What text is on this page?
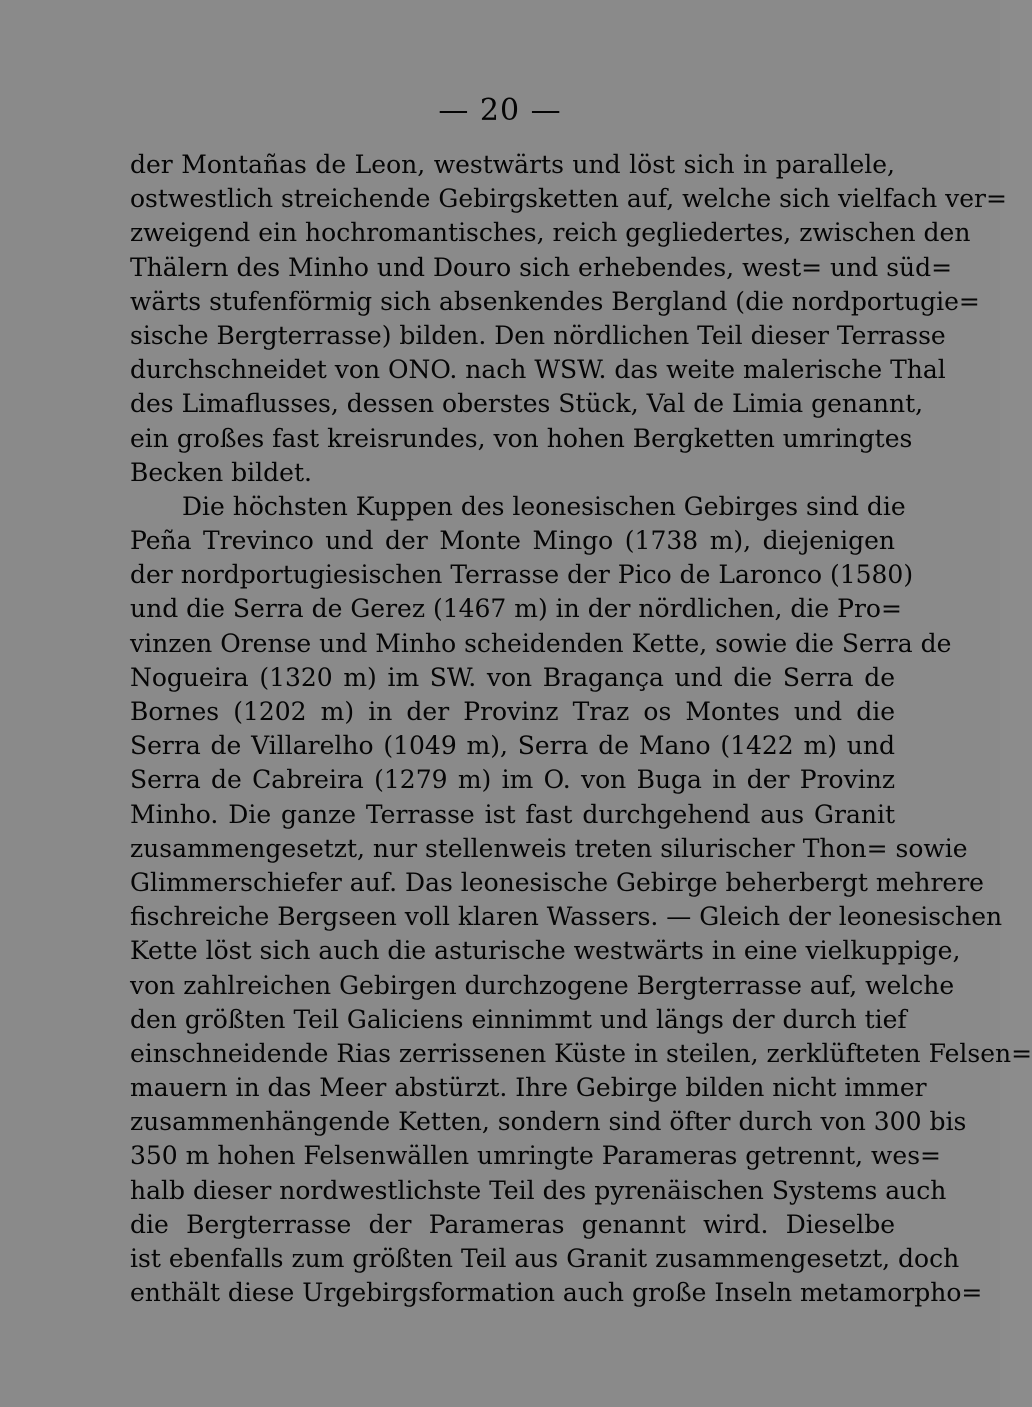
— 20 —
der Montañas de Leon, westwärts und löst sich in parallele,
ostwestlich streichende Gebirgsketten auf, welche sich vielfach ver=
zweigend ein hochromantisches, reich gegliedertes, zwischen den
Thälern des Minho und Douro sich erhebendes, west= und süd=
wärts stufenförmig sich absenkendes Bergland (die nordportugie=
sische Bergterrasse) bilden. Den nördlichen Teil dieser Terrasse
durchschneidet von ONO. nach WSW. das weite malerische Thal
des Limaflusses, dessen oberstes Stück, Val de Limia genannt,
ein großes fast kreisrundes, von hohen Bergketten umringtes
Becken bildet.
Die höchsten Kuppen des leonesischen Gebirges sind die
Peña Trevinco und der Monte Mingo (1738 m), diejenigen
der nordportugiesischen Terrasse der Pico de Laronco (1580)
und die Serra de Gerez (1467 m) in der nördlichen, die Pro=
vinzen Orense und Minho scheidenden Kette, sowie die Serra de
Nogueira (1320 m) im SW. von Bragança und die Serra de
Bornes (1202 m) in der Provinz Traz os Montes und die
Serra de Villarelho (1049 m), Serra de Mano (1422 m) und
Serra de Cabreira (1279 m) im O. von Buga in der Provinz
Minho. Die ganze Terrasse ist fast durchgehend aus Granit
zusammengesetzt, nur stellenweis treten silurischer Thon= sowie
Glimmerschiefer auf. Das leonesische Gebirge beherbergt mehrere
fischreiche Bergseen voll klaren Wassers. — Gleich der leonesischen
Kette löst sich auch die asturische westwärts in eine vielkuppige,
von zahlreichen Gebirgen durchzogene Bergterrasse auf, welche
den größten Teil Galiciens einnimmt und längs der durch tief
einschneidende Rias zerrissenen Küste in steilen, zerklüfteten Felsen=
mauern in das Meer abstürzt. Ihre Gebirge bilden nicht immer
zusammenhängende Ketten, sondern sind öfter durch von 300 bis
350 m hohen Felsenwällen umringte Parameras getrennt, wes=
halb dieser nordwestlichste Teil des pyrenäischen Systems auch
die Bergterrasse der Parameras genannt wird. Dieselbe
ist ebenfalls zum größten Teil aus Granit zusammengesetzt, doch
enthält diese Urgebirgsformation auch große Inseln metamorpho=
